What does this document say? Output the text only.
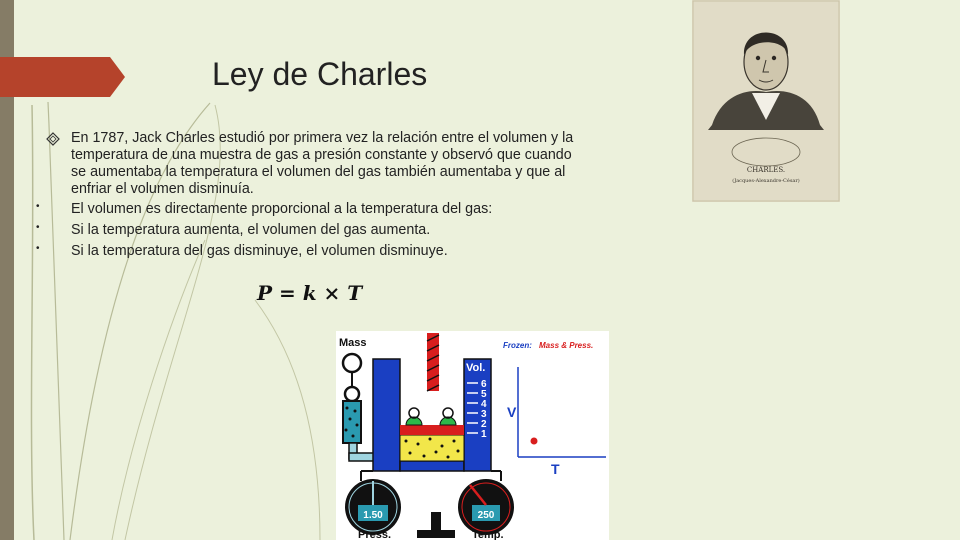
Ley de Charles
CHARLES.
(Jacques-Alexandre-César)
En 1787, Jack Charles estudió por primera vez la relación entre el volumen y la temperatura de una muestra de gas a presión constante y observó que cuando se aumentaba la temperatura el volumen del gas también aumentaba y que al enfriar el volumen disminuía.
• El volumen es directamente proporcional a la temperatura del gas:
• Si la temperatura aumenta, el volumen del gas aumenta.
• Si la temperatura del gas disminuye, el volumen disminuye.
P = k × T
Mass	Frozen: Mass & Press.
Vol.
6
5
4
3
2
1
V
T
1.50
Press.
250
Temp.
